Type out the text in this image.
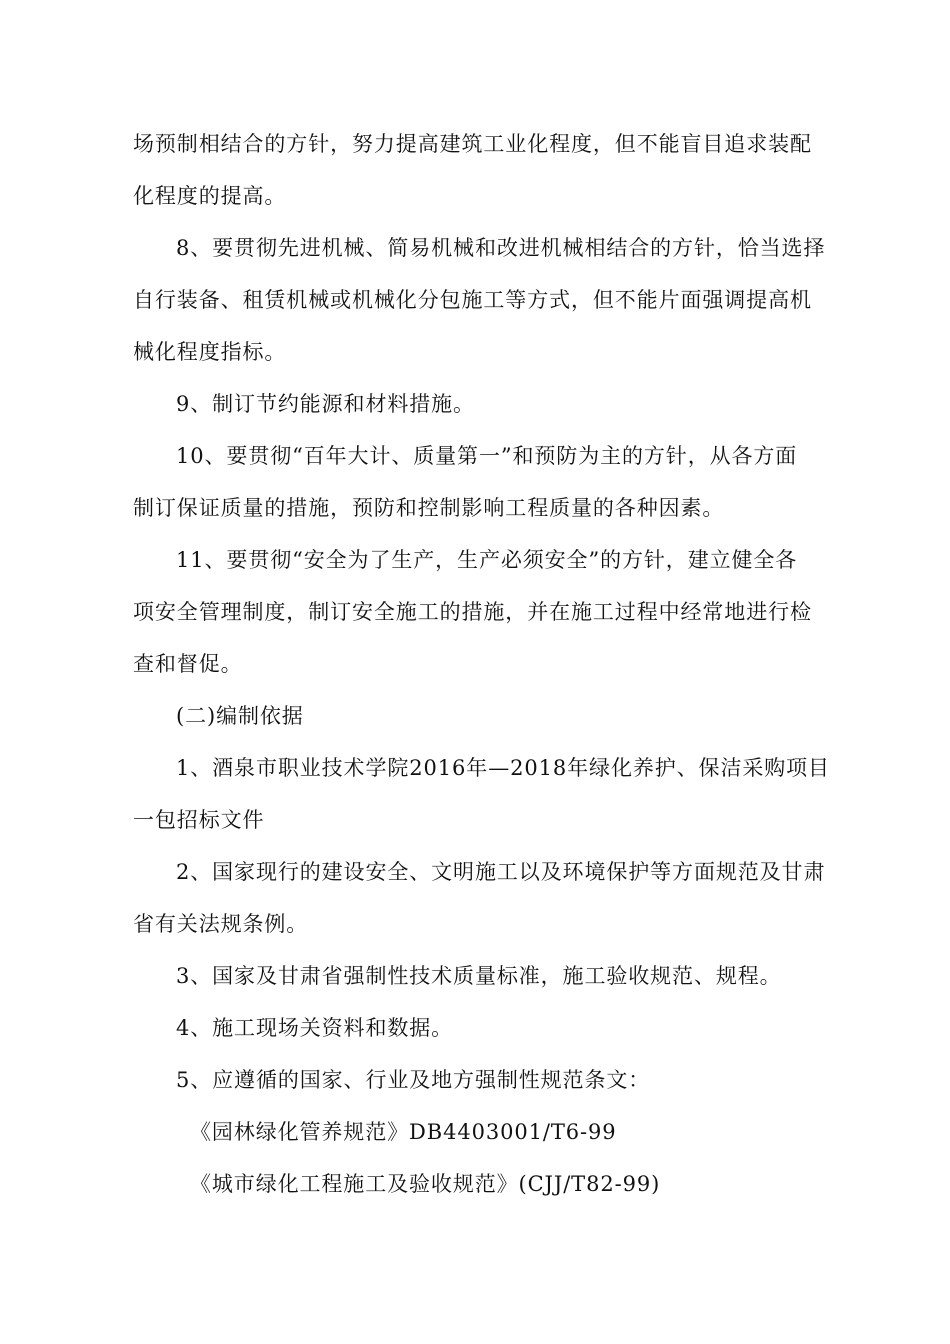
场预制相结合的方针，努力提高建筑工业化程度，但不能盲目追求装配
化程度的提高。
8、要贯彻先进机械、简易机械和改进机械相结合的方针，恰当选择
自行装备、租赁机械或机械化分包施工等方式，但不能片面强调提高机
械化程度指标。
9、制订节约能源和材料措施。
10、要贯彻“百年大计、质量第一”和预防为主的方针，从各方面
制订保证质量的措施，预防和控制影响工程质量的各种因素。
11、要贯彻“安全为了生产，生产必须安全”的方针，建立健全各
项安全管理制度，制订安全施工的措施，并在施工过程中经常地进行检
查和督促。
(二)编制依据
1、酒泉市职业技术学院2016年—2018年绿化养护、保洁采购项目
一包招标文件
2、国家现行的建设安全、文明施工以及环境保护等方面规范及甘肃
省有关法规条例。
3、国家及甘肃省强制性技术质量标准，施工验收规范、规程。
4、施工现场关资料和数据。
5、应遵循的国家、行业及地方强制性规范条文：
《园林绿化管养规范》DB4403001/T6-99
《城市绿化工程施工及验收规范》(CJJ/T82-99)
